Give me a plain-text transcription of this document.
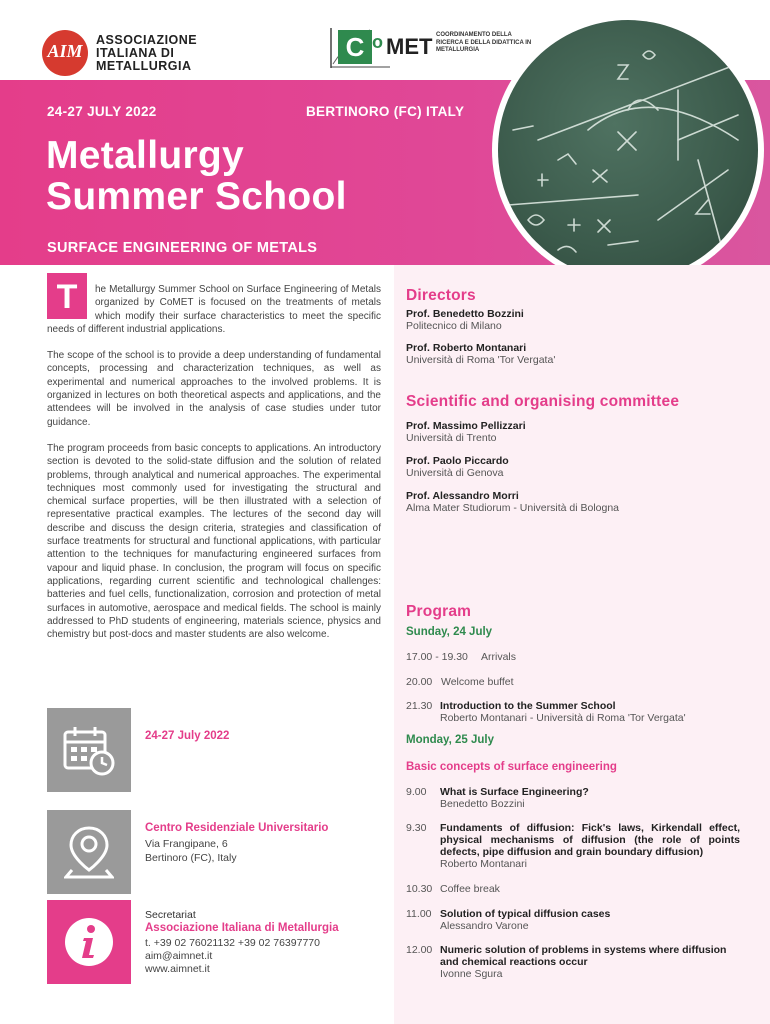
AIM
ASSOCIAZIONE
ITALIANA DI
METALLURGIA
C o MET COORDINAMENTO DELLA RICERCA E DELLA DIDATTICA IN METALLURGIA
24-27 JULY 2022	BERTINORO (FC) ITALY
Metallurgy
Summer School
SURFACE ENGINEERING OF METALS

T	he Metallurgy Summer School on Surface Engineering of Metals organized by CoMET is focused on the treatments of metals which modify their surface characteristics to meet the specific needs of different industrial applications.

The scope of the school is to provide a deep understanding of fundamental concepts, processing and characterization techniques, as well as experimental and numerical approaches to the involved problems. It is organized in lectures on both theoretical aspects and applications, and the attendees will be involved in the analysis of case studies under tutor guidance.

The program proceeds from basic concepts to applications. An introductory section is devoted to the solid-state diffusion and the solution of related problems, through analytical and numerical approaches. The experimental techniques most commonly used for investigating the structural and chemical surface properties, will be then illustrated with a selection of representative practical examples. The lectures of the second day will describe and discuss the design criteria, strategies and classification of surface treatments for structural and functional applications, with particular attention to the techniques for manufacturing engineered surfaces from vapour and liquid phase. In conclusion, the program will focus on specific applications, regarding current scientific and technological challenges: batteries and fuel cells, functionalization, corrosion and protection of metal surfaces in automotive, aerospace and medical fields. The school is mainly addressed to PhD students of engineering, materials science, physics and chemistry but post-docs and master students are also welcome.

24-27 July 2022
Centro Residenziale Universitario
Via Frangipane, 6
Bertinoro (FC), Italy
Secretariat
Associazione Italiana di Metallurgia
t. +39 02 76021132 +39 02 76397770
aim@aimnet.it
www.aimnet.it
Directors
Prof. Benedetto Bozzini
Politecnico di Milano
Prof. Roberto Montanari
Università di Roma 'Tor Vergata'
Scientific and organising committee
Prof. Massimo Pellizzari
Università di Trento
Prof. Paolo Piccardo
Università di Genova
Prof. Alessandro Morri
Alma Mater Studiorum - Università di Bologna
Program
Sunday, 24 July
17.00 - 19.30 Arrivals
20.00 Welcome buffet
21.30 Introduction to the Summer School
Roberto Montanari - Università di Roma 'Tor Vergata'
Monday, 25 July
Basic concepts of surface engineering
9.00 What is Surface Engineering?
Benedetto Bozzini
9.30 Fundaments of diffusion: Fick's laws, Kirkendall effect, physical mechanisms of diffusion (the role of points defects, pipe diffusion and grain boundary diffusion)
Roberto Montanari
10.30 Coffee break
11.00 Solution of typical diffusion cases
Alessandro Varone
12.00 Numeric solution of problems in systems where diffusion and chemical reactions occur
Ivonne Sgura
